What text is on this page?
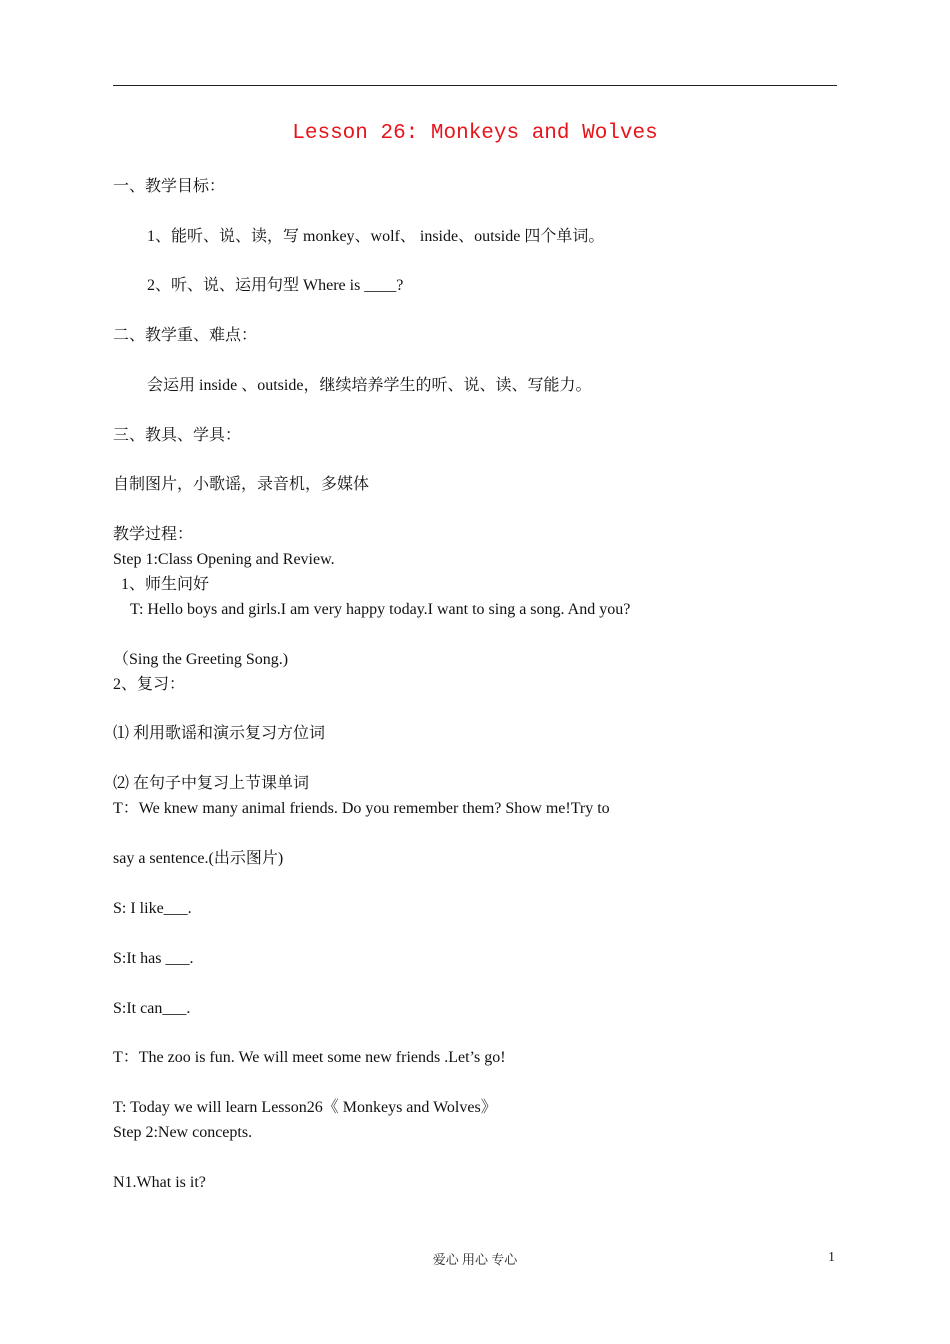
Lesson 26: Monkeys and Wolves
一、教学目标：
1、能听、说、读，写 monkey、wolf、 inside、outside 四个单词。
2、听、说、运用句型 Where is ____?
二、教学重、难点：
会运用 inside 、outside，继续培养学生的听、说、读、写能力。
三、教具、学具：
自制图片，小歌谣，录音机，多媒体
教学过程：
Step 1:Class Opening and Review.
1、师生问好
T: Hello boys and girls.I am very happy today.I want to sing a song. And you?
（Sing the Greeting Song.)
2、复习：
⑴ 利用歌谣和演示复习方位词
⑵ 在句子中复习上节课单词
T：We knew many animal friends. Do you remember them? Show me!Try to
say a sentence.(出示图片)
S: I like___.
S:It has ___.
S:It can___.
T：The zoo is fun. We will meet some new friends .Let’s go!
T: Today we will learn Lesson26《 Monkeys and Wolves》
Step 2:New concepts.
N1.What is it?
爱心 用心 专心	1
